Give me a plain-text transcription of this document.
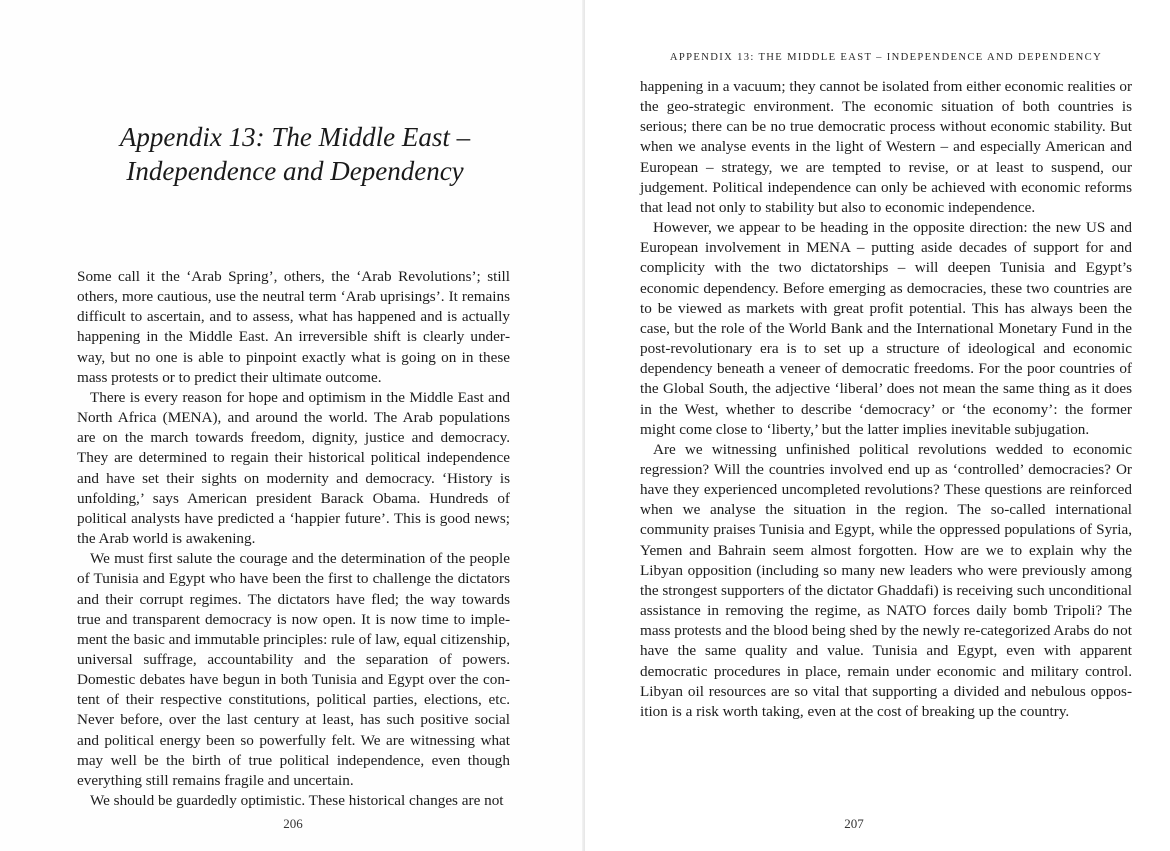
Appendix 13: The Middle East –
Independence and Dependency

Some call it the ‘Arab Spring’, others, the ‘Arab Revolutions’; still others, more cautious, use the neutral term ‘Arab uprisings’. It remains difficult to ascertain, and to assess, what has happened and is actually happening in the Middle East. An irreversible shift is clearly underway, but no one is able to pinpoint exactly what is going on in these mass protests or to predict their ultimate outcome.

There is every reason for hope and optimism in the Middle East and North Africa (MENA), and around the world. The Arab populations are on the march towards freedom, dignity, justice and democracy. They are determined to regain their historical political independence and have set their sights on modernity and democracy. ‘History is unfolding,’ says American president Barack Obama. Hundreds of political analysts have predicted a ‘happier future’. This is good news; the Arab world is awakening.

We must first salute the courage and the determination of the people of Tunisia and Egypt who have been the first to challenge the dictators and their corrupt regimes. The dictators have fled; the way towards true and transparent democracy is now open. It is now time to implement the basic and immutable principles: rule of law, equal citizenship, universal suffrage, accountability and the separation of powers. Domestic debates have begun in both Tunisia and Egypt over the content of their respective constitutions, political parties, elections, etc. Never before, over the last century at least, has such positive social and political energy been so powerfully felt. We are witnessing what may well be the birth of true political independence, even though everything still remains fragile and uncertain.

We should be guardedly optimistic. These historical changes are not

206
APPENDIX 13: THE MIDDLE EAST – INDEPENDENCE AND DEPENDENCY

happening in a vacuum; they cannot be isolated from either economic realities or the geo-strategic environment. The economic situation of both countries is serious; there can be no true democratic process without economic stability. But when we analyse events in the light of Western – and especially American and European – strategy, we are tempted to revise, or at least to suspend, our judgement. Political independence can only be achieved with economic reforms that lead not only to stability but also to economic independence.

However, we appear to be heading in the opposite direction: the new US and European involvement in MENA – putting aside decades of support for and complicity with the two dictatorships – will deepen Tunisia and Egypt’s economic dependency. Before emerging as democracies, these two countries are to be viewed as markets with great profit potential. This has always been the case, but the role of the World Bank and the International Monetary Fund in the post-revolutionary era is to set up a structure of ideological and economic dependency beneath a veneer of democratic freedoms. For the poor countries of the Global South, the adjective ‘liberal’ does not mean the same thing as it does in the West, whether to describe ‘democracy’ or ‘the economy’: the former might come close to ‘liberty,’ but the latter implies inevitable subjugation.

Are we witnessing unfinished political revolutions wedded to economic regression? Will the countries involved end up as ‘controlled’ democracies? Or have they experienced uncompleted revolutions? These questions are reinforced when we analyse the situation in the region. The so-called international community praises Tunisia and Egypt, while the oppressed populations of Syria, Yemen and Bahrain seem almost forgotten. How are we to explain why the Libyan opposition (including so many new leaders who were previously among the strongest supporters of the dictator Ghaddafi) is receiving such unconditional assistance in removing the regime, as NATO forces daily bomb Tripoli? The mass protests and the blood being shed by the newly re-categorized Arabs do not have the same quality and value. Tunisia and Egypt, even with apparent democratic procedures in place, remain under economic and military control. Libyan oil resources are so vital that supporting a divided and nebulous opposition is a risk worth taking, even at the cost of breaking up the country.

207
